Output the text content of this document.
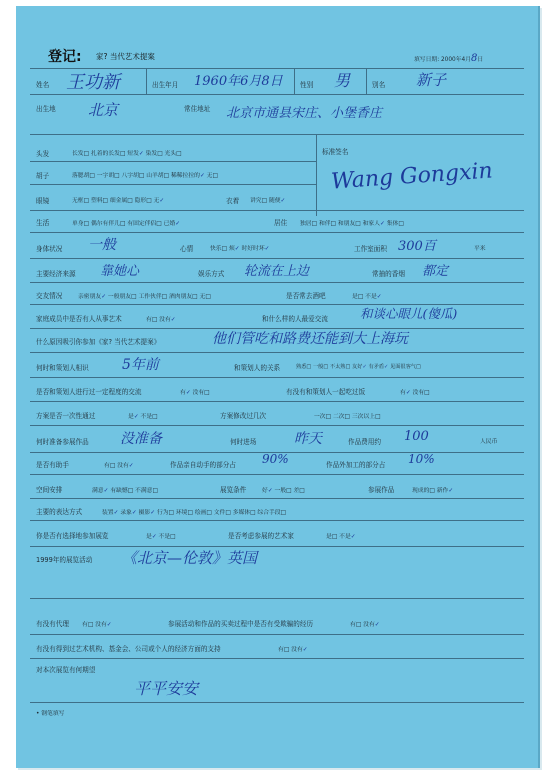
登记: 家? 当代艺术提案	填写日期: 2000年4月8日
姓名 王功新	出生年月 1960年6月8日	性别 男	别名 新子
出生地 北京	常住地址 北京市通县宋庄、小堡香庄
头发	长发□ 扎着的长发□ 短发✓ 染发□ 光头□	标准签名
Wang Gongxin
胡子	落腮胡□ 一字胡□ 八字胡□ 山羊胡□ 稀稀拉拉的✓ 无□
眼镜	无框□ 塑料□ 细金属□ 隐形□ 无✓	衣着 讲究□ 随便✓
生活	单身□ 偶尔有伴儿□ 有固定伴侣□ 已婚✓	居住 独居□ 和伴□ 和朋友□ 和家人✓ 集体□
身体状况 一般	心情	快乐□ 烦✓ 时好时坏✓	工作室面积 300百	平米
主要经济来源 靠她心	娱乐方式 轮流在上边	常抽的香烟 都定
交友情况	亲密朋友✓ 一般朋友□ 工作伙伴□ 酒肉朋友□ 无□	是否常去酒吧	是□ 不是✓
家庭成员中是否有人从事艺术	有□ 没有✓	和什么样的人最爱交流	和谈心眼儿(傻瓜)
什么原因吸引你参加《家? 当代艺术提案》	他们管吃和路费还能到大上海玩
何时和策划人相识 5年前	和策划人的关系	熟悉□ 一般□ 不太熟□ 友好✓ 有矛盾✓ 见面很客气□
是否和策划人进行过一定程度的交流	有✓ 没有□	有没有和策划人一起吃过饭	有✓ 没有□
方案是否一次性通过	是✓ 不是□	方案修改过几次	一次□ 二次□ 三次以上□
何时准备参展作品 没准备	何时进场	昨天	作品费用约 100	人民币
是否有助手	有□ 没有✓	作品亲自动手的部分占 90%	作品外加工的部分占 10%
空间安排	满意✓ 有缺憾□ 不满意□	展览条件	好✓ 一般□ 差□	参展作品	现成的□ 新作✓
主要的表达方式	装置✓ 录象✓ 摄影✓ 行为□ 环境□ 绘画□ 文件□ 多媒体□ 综合手段□
你是否有选择地参加展览	是✓ 不是□	是否考虑参展的艺术家	是□ 不是✓
1999年的展览活动 《北京—伦敦》英国
有没有代理 有□ 没有✓	参展活动和作品的买卖过程中是否有受欺骗的经历	有□ 没有✓
有没有得到过艺术机构、基金会、公司或个人的经济方面的支持	有□ 没有✓
对本次展览有何期望
平平安安
• 钢笔填写
